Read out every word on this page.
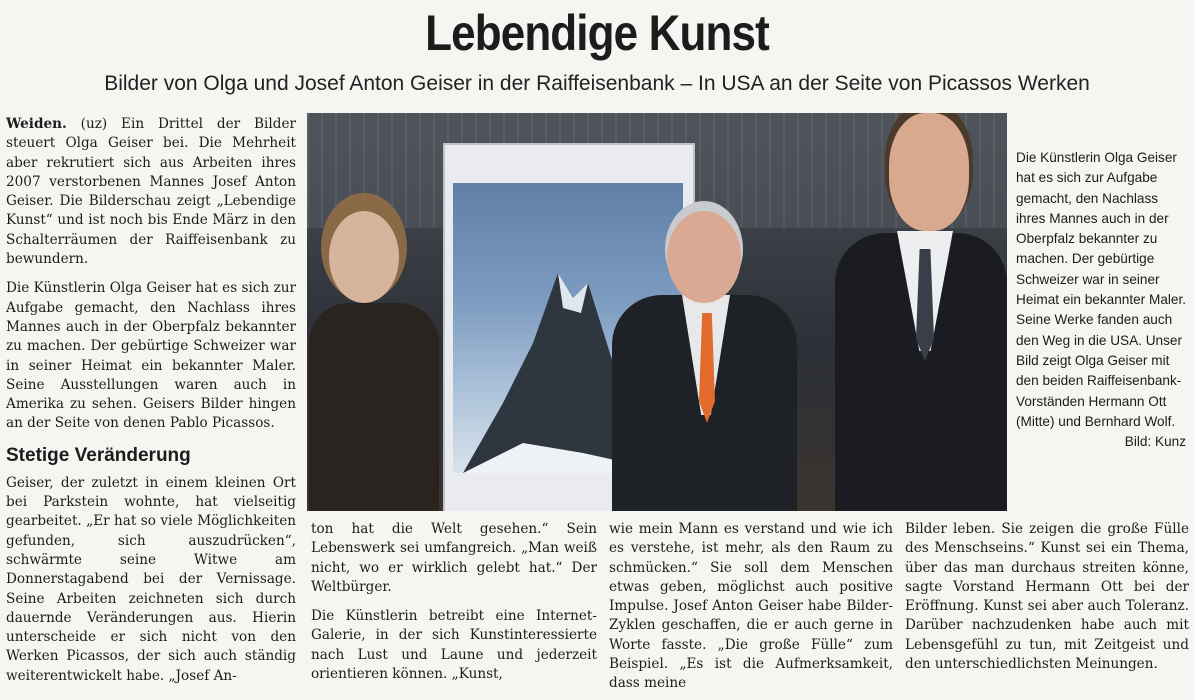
Lebendige Kunst
Bilder von Olga und Josef Anton Geiser in der Raiffeisenbank – In USA an der Seite von Picassos Werken

Weiden. (uz) Ein Drittel der Bilder steuert Olga Geiser bei. Die Mehrheit aber rekrutiert sich aus Arbeiten ihres 2007 verstorbenen Mannes Josef Anton Geiser. Die Bilderschau zeigt „Lebendige Kunst“ und ist noch bis Ende März in den Schalterräumen der Raiffeisenbank zu bewundern.

Die Künstlerin Olga Geiser hat es sich zur Aufgabe gemacht, den Nachlass ihres Mannes auch in der Oberpfalz bekannter zu machen. Der gebürtige Schweizer war in seiner Heimat ein bekannter Maler. Seine Ausstellungen waren auch in Amerika zu sehen. Geisers Bilder hingen an der Seite von denen Pablo Picassos.

Stetige Veränderung

Geiser, der zuletzt in einem kleinen Ort bei Parkstein wohnte, hat vielseitig gearbeitet. „Er hat so viele Möglichkeiten gefunden, sich auszudrücken“, schwärmte seine Witwe am Donnerstagabend bei der Vernissage. Seine Arbeiten zeichneten sich durch dauernde Veränderungen aus. Hierin unterscheide er sich nicht von den Werken Picassos, der sich auch ständig weiterentwickelt habe. „Josef An-

Die Künstlerin Olga Geiser hat es sich zur Aufgabe gemacht, den Nachlass ihres Mannes auch in der Oberpfalz bekannter zu machen. Der gebürtige Schweizer war in seiner Heimat ein bekannter Maler. Seine Werke fanden auch den Weg in die USA. Unser Bild zeigt Olga Geiser mit den beiden Raiffeisenbank-Vorständen Hermann Ott (Mitte) und Bernhard Wolf.
Bild: Kunz

ton hat die Welt gesehen.“ Sein Lebenswerk sei umfangreich. „Man weiß nicht, wo er wirklich gelebt hat.“ Der Weltbürger.

Die Künstlerin betreibt eine Internet-Galerie, in der sich Kunstinteressierte nach Lust und Laune und jederzeit orientieren können. „Kunst,

wie mein Mann es verstand und wie ich es verstehe, ist mehr, als den Raum zu schmücken.“ Sie soll dem Menschen etwas geben, möglichst auch positive Impulse. Josef Anton Geiser habe Bilder-Zyklen geschaffen, die er auch gerne in Worte fasste. „Die große Fülle“ zum Beispiel. „Es ist die Aufmerksamkeit, dass meine

Bilder leben. Sie zeigen die große Fülle des Menschseins.“ Kunst sei ein Thema, über das man durchaus streiten könne, sagte Vorstand Hermann Ott bei der Eröffnung. Kunst sei aber auch Toleranz. Darüber nachzudenken habe auch mit Lebensgefühl zu tun, mit Zeitgeist und den unterschiedlichsten Meinungen.
